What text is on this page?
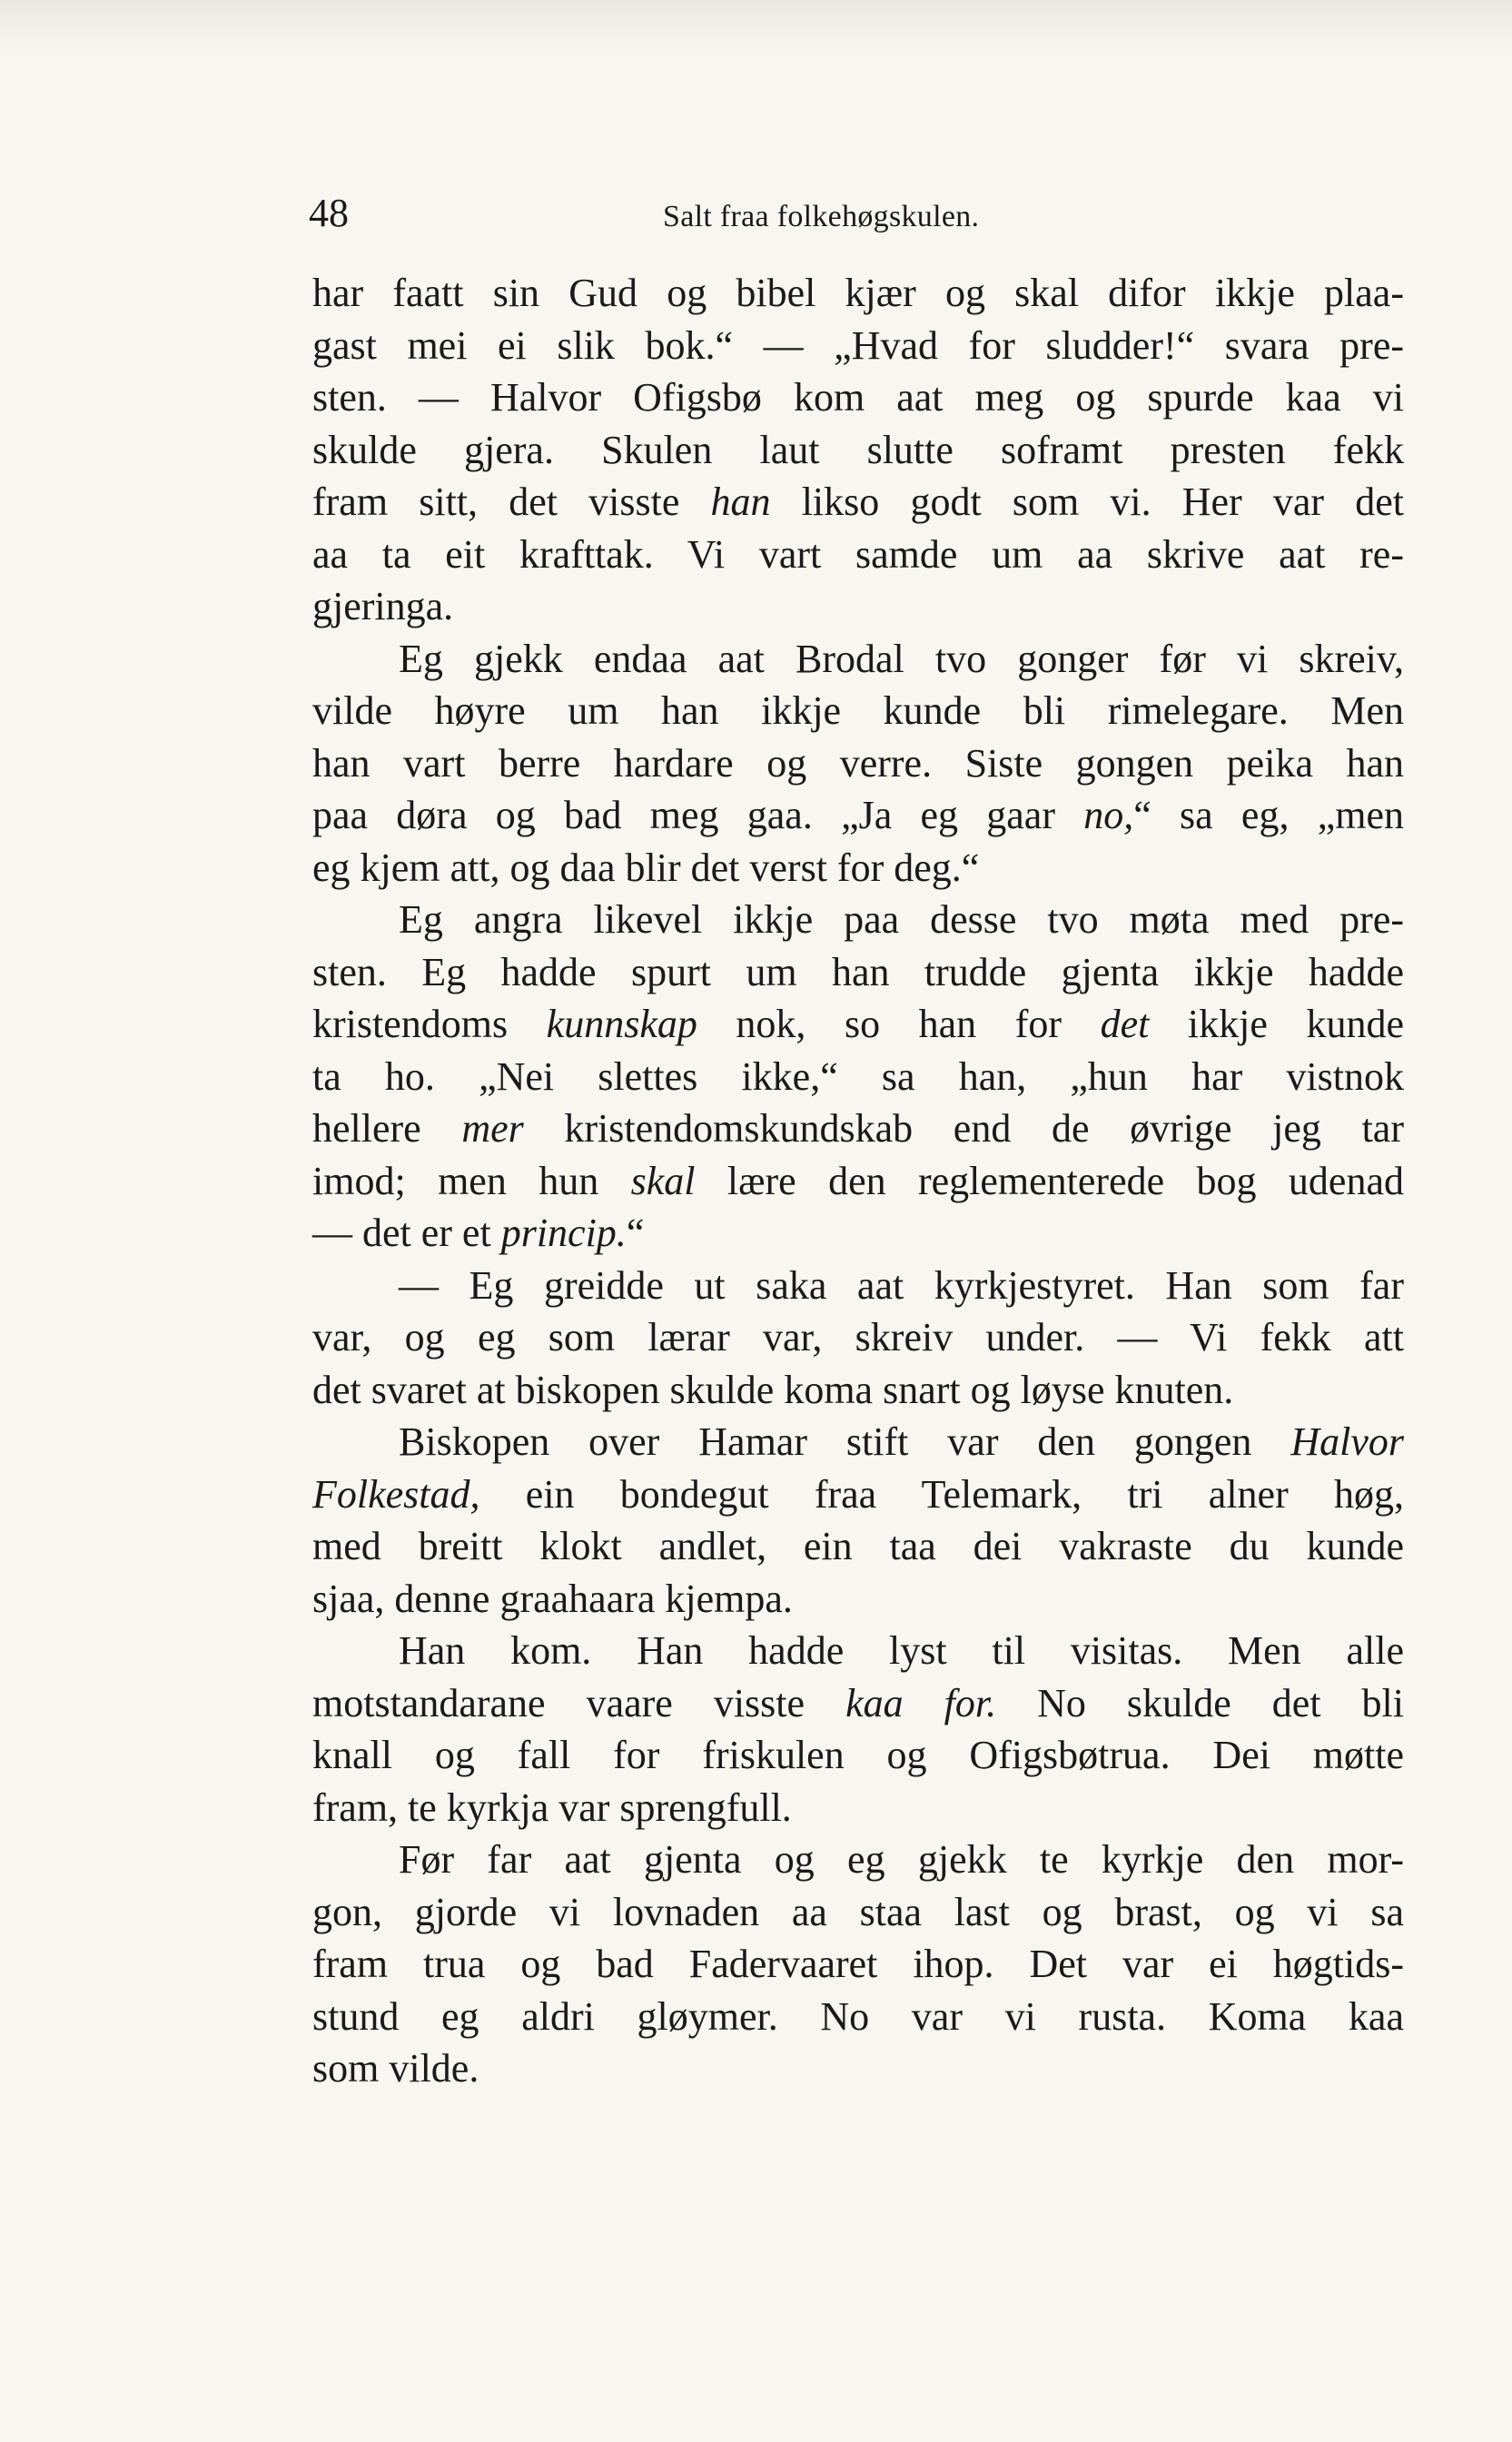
48	Salt fraa folkehøgskulen.

har faatt sin Gud og bibel kjær og skal difor ikkje plaa-
gast mei ei slik bok.“ — „Hvad for sludder!“ svara pre-
sten. — Halvor Ofigsbø kom aat meg og spurde kaa vi
skulde gjera. Skulen laut slutte soframt presten fekk
fram sitt, det visste han likso godt som vi. Her var det
aa ta eit krafttak. Vi vart samde um aa skrive aat re-
gjeringa.

Eg gjekk endaa aat Brodal tvo gonger før vi skreiv,
vilde høyre um han ikkje kunde bli rimelegare. Men
han vart berre hardare og verre. Siste gongen peika han
paa døra og bad meg gaa. „Ja eg gaar no,“ sa eg, „men
eg kjem att, og daa blir det verst for deg.“

Eg angra likevel ikkje paa desse tvo møta med pre-
sten. Eg hadde spurt um han trudde gjenta ikkje hadde
kristendoms kunnskap nok, so han for det ikkje kunde
ta ho. „Nei slettes ikke,“ sa han, „hun har vistnok
hellere mer kristendomskundskab end de øvrige jeg tar
imod; men hun skal lære den reglementerede bog udenad
— det er et princip.“

— Eg greidde ut saka aat kyrkjestyret. Han som far
var, og eg som lærar var, skreiv under. — Vi fekk att
det svaret at biskopen skulde koma snart og løyse knuten.

Biskopen over Hamar stift var den gongen Halvor
Folkestad, ein bondegut fraa Telemark, tri alner høg,
med breitt klokt andlet, ein taa dei vakraste du kunde
sjaa, denne graahaara kjempa.

Han kom. Han hadde lyst til visitas. Men alle
motstandarane vaare visste kaa for. No skulde det bli
knall og fall for friskulen og Ofigsbøtrua. Dei møtte
fram, te kyrkja var sprengfull.

Før far aat gjenta og eg gjekk te kyrkje den mor-
gon, gjorde vi lovnaden aa staa last og brast, og vi sa
fram trua og bad Fadervaaret ihop. Det var ei høgtids-
stund eg aldri gløymer. No var vi rusta. Koma kaa
som vilde.
